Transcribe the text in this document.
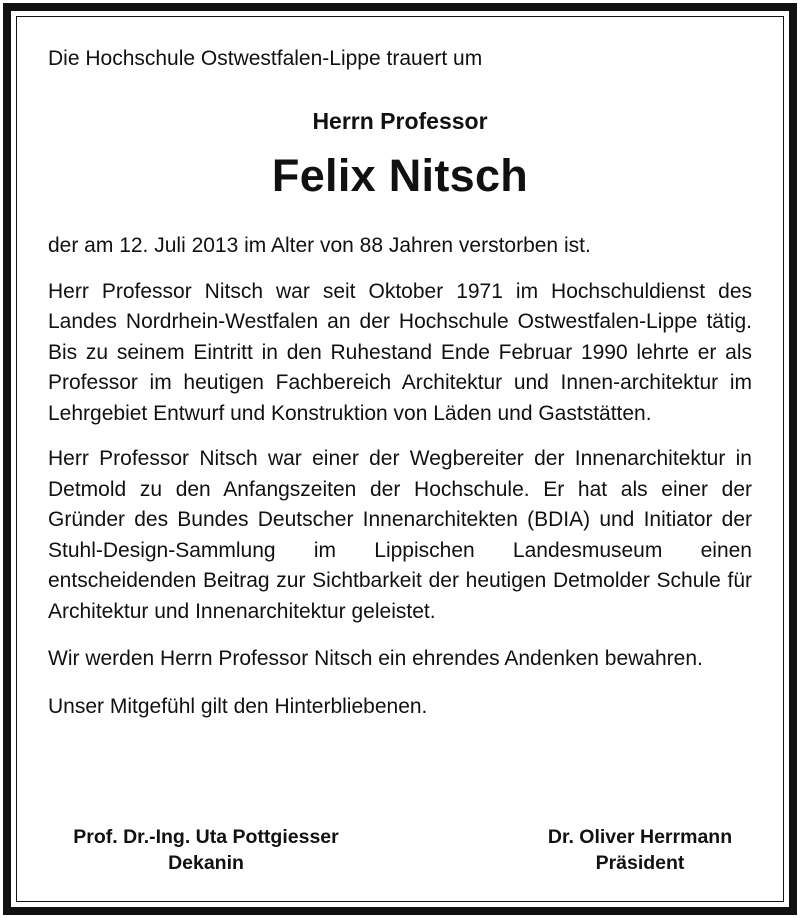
Die Hochschule Ostwestfalen-Lippe trauert um

Herrn Professor

Felix Nitsch

der am 12. Juli 2013 im Alter von 88 Jahren verstorben ist.

Herr Professor Nitsch war seit Oktober 1971 im Hochschuldienst des Landes Nordrhein-Westfalen an der Hochschule Ostwestfalen-Lippe tätig. Bis zu seinem Eintritt in den Ruhestand Ende Februar 1990 lehrte er als Professor im heutigen Fachbereich Architektur und Innen-architektur im Lehrgebiet Entwurf und Konstruktion von Läden und Gaststätten.

Herr Professor Nitsch war einer der Wegbereiter der Innenarchitektur in Detmold zu den Anfangszeiten der Hochschule. Er hat als einer der Gründer des Bundes Deutscher Innenarchitekten (BDIA) und Initiator der Stuhl-Design-Sammlung im Lippischen Landesmuseum einen entscheidenden Beitrag zur Sichtbarkeit der heutigen Detmolder Schule für Architektur und Innenarchitektur geleistet.

Wir werden Herrn Professor Nitsch ein ehrendes Andenken bewahren.

Unser Mitgefühl gilt den Hinterbliebenen.

Prof. Dr.-Ing. Uta Pottgiesser
Dekanin
Dr. Oliver Herrmann
Präsident
